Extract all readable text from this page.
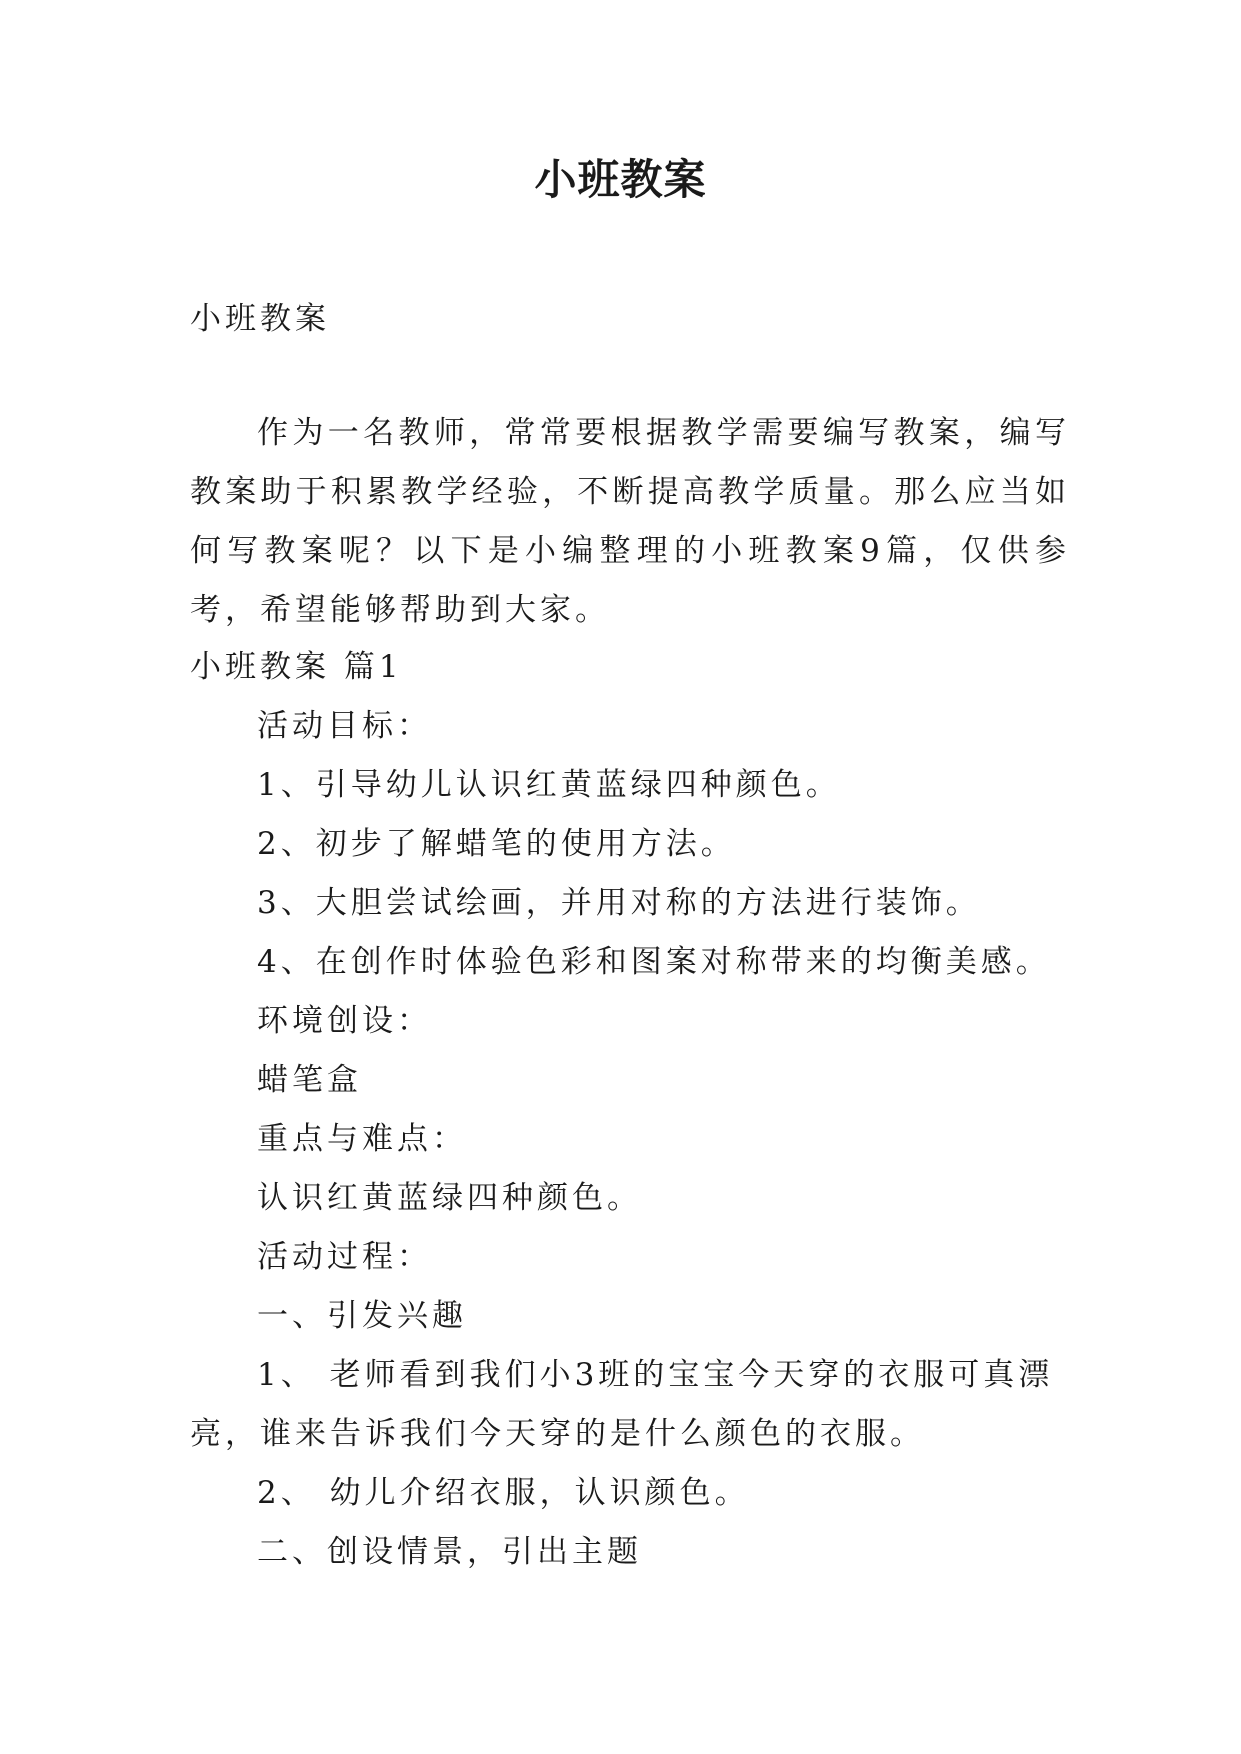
小班教案
小班教案
作为一名教师，常常要根据教学需要编写教案，编写教案助于积累教学经验，不断提高教学质量。那么应当如何写教案呢？以下是小编整理的小班教案9篇，仅供参考，希望能够帮助到大家。

小班教案 篇1

活动目标：

1、引导幼儿认识红黄蓝绿四种颜色。

2、初步了解蜡笔的使用方法。

3、大胆尝试绘画，并用对称的方法进行装饰。

4、在创作时体验色彩和图案对称带来的均衡美感。

环境创设：

蜡笔盒

重点与难点：

认识红黄蓝绿四种颜色。

活动过程：

一、引发兴趣

1、 老师看到我们小3班的宝宝今天穿的衣服可真漂亮，谁来告诉我们今天穿的是什么颜色的衣服。

2、 幼儿介绍衣服，认识颜色。

二、创设情景，引出主题
